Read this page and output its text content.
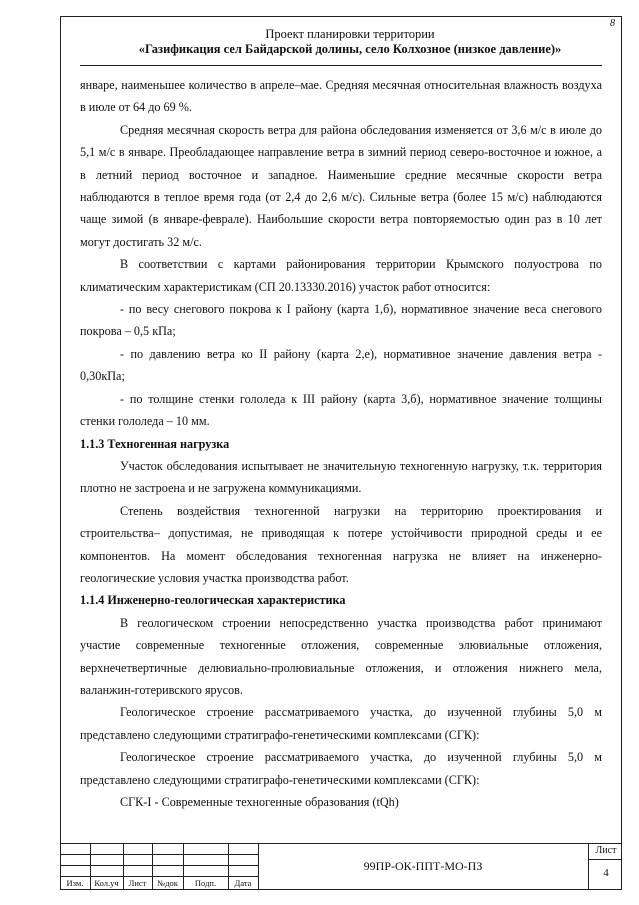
8
Проект планировки территории
«Газификация сел Байдарской долины, село Колхозное (низкое давление)»

январе, наименьшее количество в апреле–мае. Средняя месячная относительная влажность воздуха в июле от 64 до 69 %.

Средняя месячная скорость ветра для района обследования изменяется от 3,6 м/с в июле до 5,1 м/с в январе. Преобладающее направление ветра в зимний период северо-восточное и южное, а в летний период восточное и западное. Наименьшие средние месячные скорости ветра наблюдаются в теплое время года (от 2,4 до 2,6 м/с). Сильные ветра (более 15 м/с) наблюдаются чаще зимой (в январе-феврале). Наибольшие скорости ветра повторяемостью один раз в 10 лет могут достигать 32 м/с.

В соответствии с картами районирования территории Крымского полуострова по климатическим характеристикам (СП 20.13330.2016) участок работ относится:

- по весу снегового покрова к I району (карта 1,б), нормативное значение веса снегового покрова – 0,5 кПа;

- по давлению ветра ко II району (карта 2,е), нормативное значение давления ветра - 0,30кПа;

- по толщине стенки гололеда к III району (карта 3,б), нормативное значение толщины стенки гололеда – 10 мм.

1.1.3 Техногенная нагрузка

Участок обследования испытывает не значительную техногенную нагрузку, т.к. территория плотно не застроена и не загружена коммуникациями.

Степень воздействия техногенной нагрузки на территорию проектирования и строительства– допустимая, не приводящая к потере устойчивости природной среды и ее компонентов. На момент обследования техногенная нагрузка не влияет на инженерно-геологические условия участка производства работ.

1.1.4 Инженерно-геологическая характеристика

В геологическом строении непосредственно участка производства работ принимают участие современные техногенные отложения, современные элювиальные отложения, верхнечетвертичные делювиально-пролювиальные отложения, и отложения нижнего мела, валанжин-готеривского ярусов.

Геологическое строение рассматриваемого участка, до изученной глубины 5,0 м представлено следующими стратиграфо-генетическими комплексами (СГК):

Геологическое строение рассматриваемого участка, до изученной глубины 5,0 м представлено следующими стратиграфо-генетическими комплексами (СГК):

СГК-I - Современные техногенные образования (tQh)

Изм.	Кол.уч	Лист	№док	Подп.	Дата
99ПР-ОК-ППТ-МО-ПЗ
Лист
4
